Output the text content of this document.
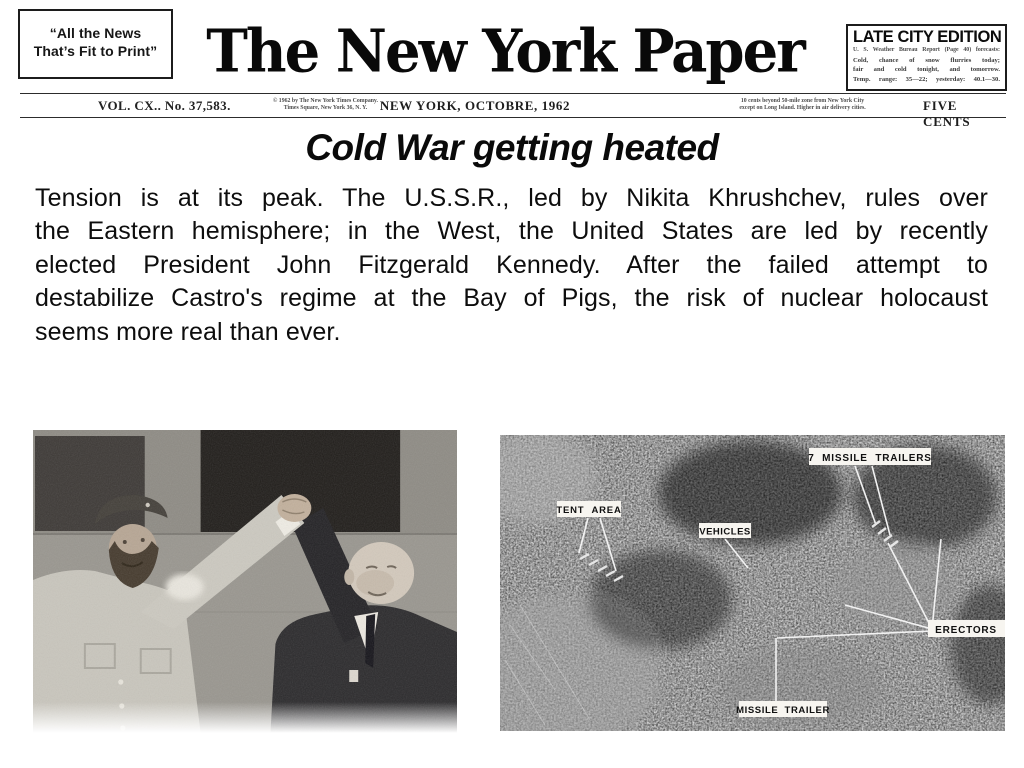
“All the News
That’s Fit to Print” The New York Paper	LATE CITY EDITION
U. S. Weather Bureau Report (Page 40) forecasts:
Cold, chance of snow flurries today;
fair and cold tonight, and tomorrow.
Temp. range: 35—22; yesterday: 40.1—30.
VOL. CX.. No. 37,583.	© 1962 by The New York Times Company.
Times Square, New York 36, N. Y. NEW YORK, OCTOBRE, 1962	10 cents beyond 50-mile zone from New York City
except on Long Island. Higher in air delivery cities.	FIVE CENTS
Cold War getting heated
Tension is at its peak. The U.S.S.R., led by Nikita Khrushchev, rules over
the Eastern hemisphere; in the West, the United States are led by recently
elected President John Fitzgerald Kennedy. After the failed attempt to
destabilize Castro's regime at the Bay of Pigs, the risk of nuclear holocaust
seems more real than ever.
7 MISSILE TRAILERS
TENT AREA
VEHICLES
ERECTORS
MISSILE TRAILER
